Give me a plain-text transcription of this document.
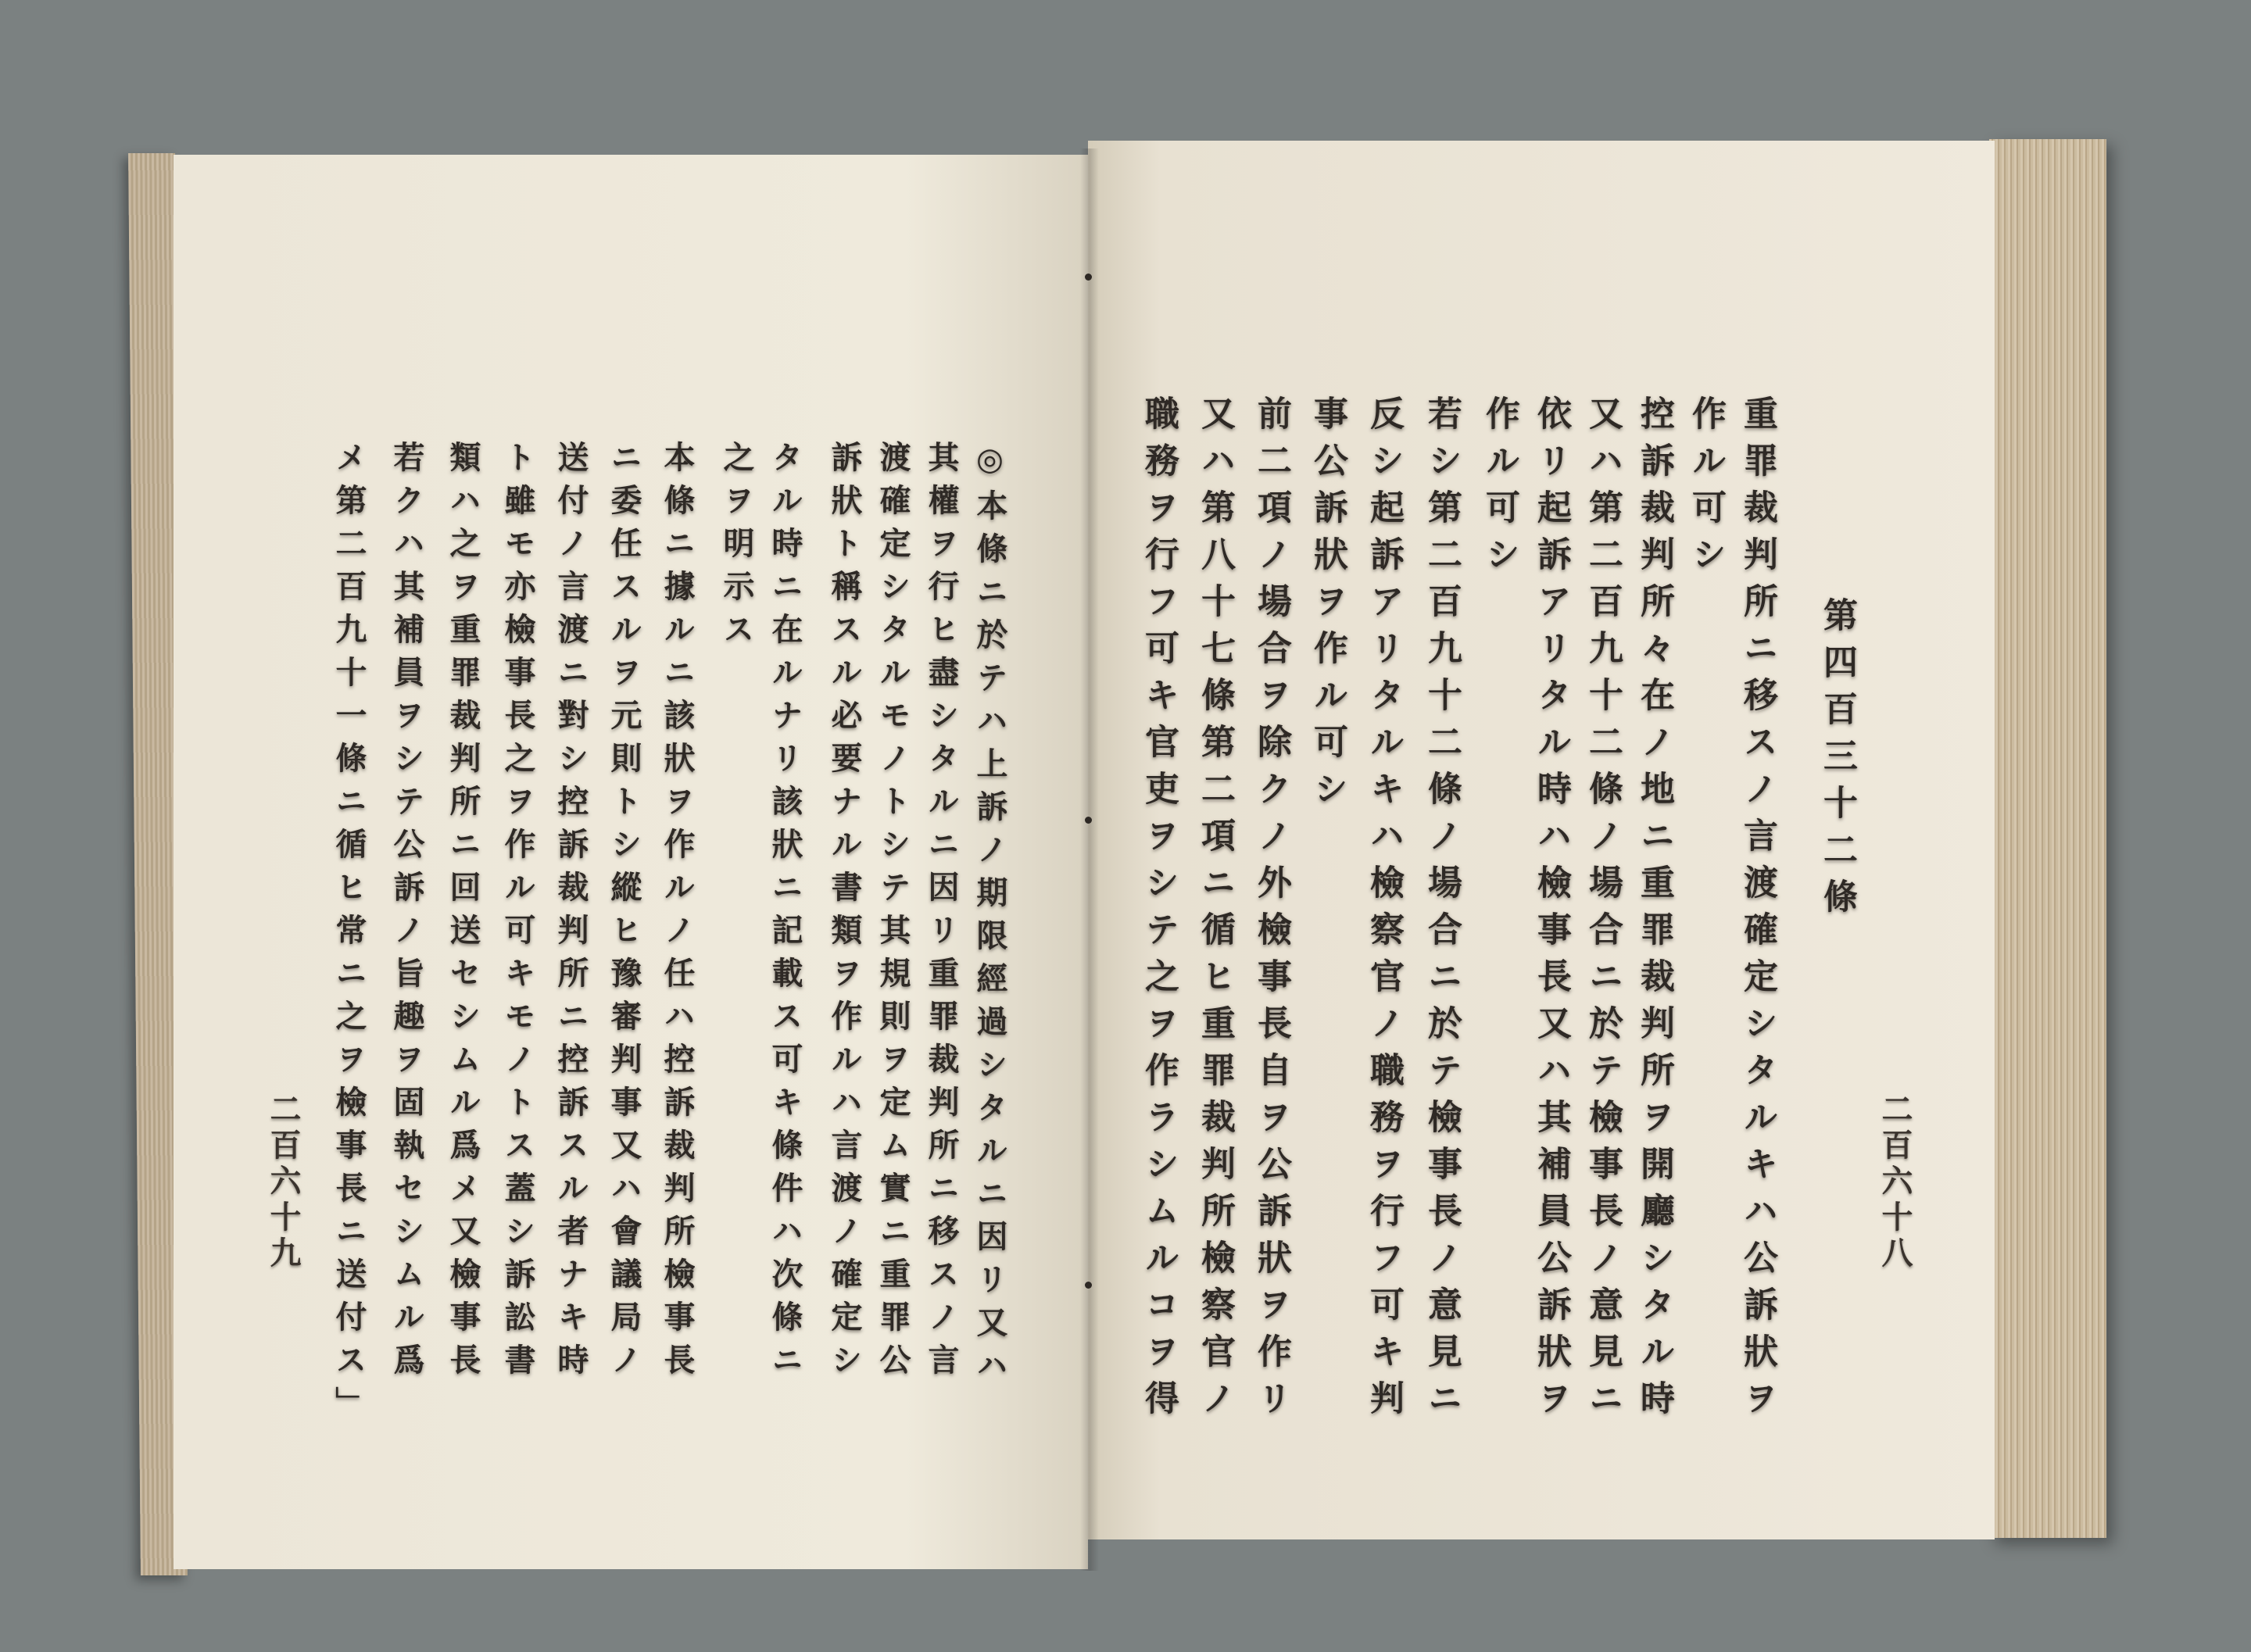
第四百三十二條
重罪裁判所ニ移スノ言渡確定シタルキハ公訴狀ヲ
作ル可シ
控訴裁判所々在ノ地ニ重罪裁判所ヲ開廳シタル時
又ハ第二百九十二條ノ場合ニ於テ檢事長ノ意見ニ
依リ起訴アリタル時ハ檢事長又ハ其補員公訴狀ヲ
作ル可シ
若シ第二百九十二條ノ場合ニ於テ檢事長ノ意見ニ
反シ起訴アリタルキハ檢察官ノ職務ヲ行フ可キ判
事公訴狀ヲ作ル可シ
前二項ノ場合ヲ除クノ外檢事長自ヲ公訴狀ヲ作リ
又ハ第八十七條第二項ニ循ヒ重罪裁判所檢察官ノ
職務ヲ行フ可キ官吏ヲシテ之ヲ作ラシムルコヲ得	二百六十八
◎本條ニ於テハ上訴ノ期限經過シタルニ因リ又ハ
其權ヲ行ヒ盡シタルニ因リ重罪裁判所ニ移スノ言
渡確定シタルモノトシテ其規則ヲ定ム實ニ重罪公
訴狀ト稱スル必要ナル書類ヲ作ルハ言渡ノ確定シ
タル時ニ在ルナリ該狀ニ記載ス可キ條件ハ次條ニ
之ヲ明示ス
本條ニ據ルニ該狀ヲ作ルノ任ハ控訴裁判所檢事長
ニ委任スルヲ元則トシ縱ヒ豫審判事又ハ會議局ノ
送付ノ言渡ニ對シ控訴裁判所ニ控訴スル者ナキ時
ト雖モ亦檢事長之ヲ作ル可キモノトス蓋シ訴訟書
類ハ之ヲ重罪裁判所ニ回送セシムル爲メ又檢事長
若クハ其補員ヲシテ公訴ノ旨趣ヲ固執セシムル爲
メ第二百九十一條ニ循ヒ常ニ之ヲ檢事長ニ送付ス」
二百六十九
